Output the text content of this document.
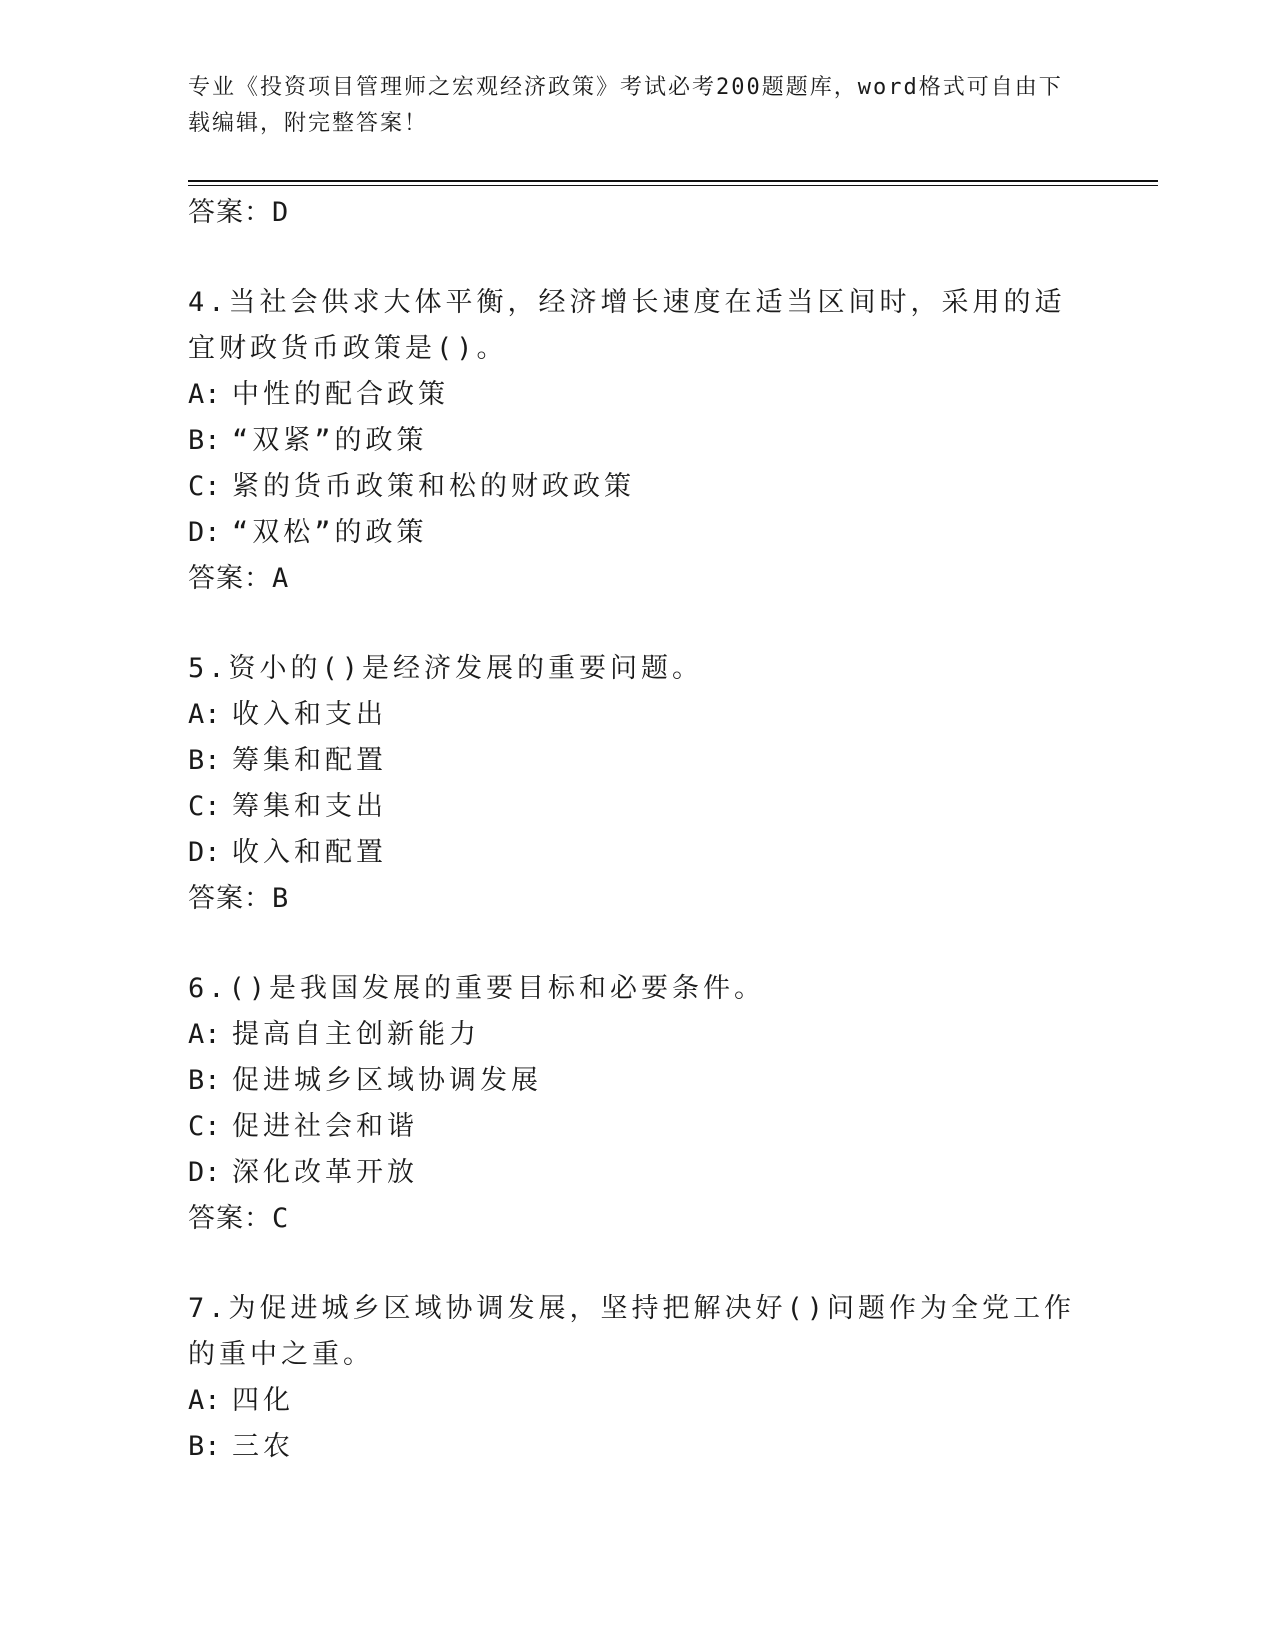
专业《投资项目管理师之宏观经济政策》考试必考200题题库，word格式可自由下载编辑，附完整答案！
答案：D
4.当社会供求大体平衡，经济增长速度在适当区间时，采用的适宜财政货币政策是()。
A: 中性的配合政策
B: “双紧”的政策
C: 紧的货币政策和松的财政政策
D: “双松”的政策
答案：A
5.资小的()是经济发展的重要问题。
A: 收入和支出
B: 筹集和配置
C: 筹集和支出
D: 收入和配置
答案：B
6.()是我国发展的重要目标和必要条件。
A: 提高自主创新能力
B: 促进城乡区域协调发展
C: 促进社会和谐
D: 深化改革开放
答案：C
7.为促进城乡区域协调发展，坚持把解决好()问题作为全党工作的重中之重。
A: 四化
B: 三农
